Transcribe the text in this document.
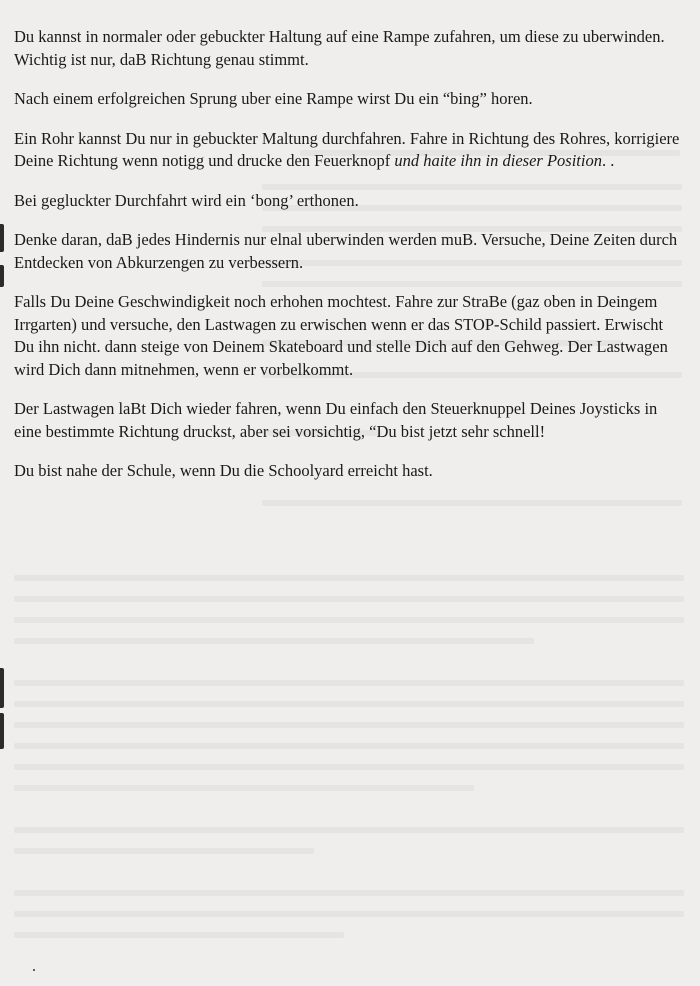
Du kannst in normaler oder gebuckter Haltung auf eine Rampe zufahren, um diese zu uberwinden. Wichtig ist nur, daB Richtung genau stimmt.

Nach einem erfolgreichen Sprung uber eine Rampe wirst Du ein “bing” horen.

Ein Rohr kannst Du nur in gebuckter Maltung durchfahren. Fahre in Richtung des Rohres, korrigiere Deine Richtung wenn notigg und drucke den Feuerknopf und haite ihn in dieser Position. .

Bei gegluckter Durchfahrt wird ein ‘bong’ erthonen.

Denke daran, daB jedes Hindernis nur elnal uberwinden werden muB. Versuche, Deine Zeiten durch Entdecken von Abkurzengen zu verbessern.

Falls Du Deine Geschwindigkeit noch erhohen mochtest. Fahre zur StraBe (gaz oben in Deingem Irrgarten) und versuche, den Lastwagen zu erwischen wenn er das STOP-Schild passiert. Erwischt Du ihn nicht. dann steige von Deinem Skateboard und stelle Dich auf den Gehweg. Der Lastwagen wird Dich dann mitnehmen, wenn er vorbelkommt.

Der Lastwagen laBt Dich wieder fahren, wenn Du einfach den Steuerknuppel Deines Joysticks in eine bestimmte Richtung druckst, aber sei vorsichtig, “Du bist jetzt sehr schnell!

Du bist nahe der Schule, wenn Du die Schoolyard erreicht hast.
